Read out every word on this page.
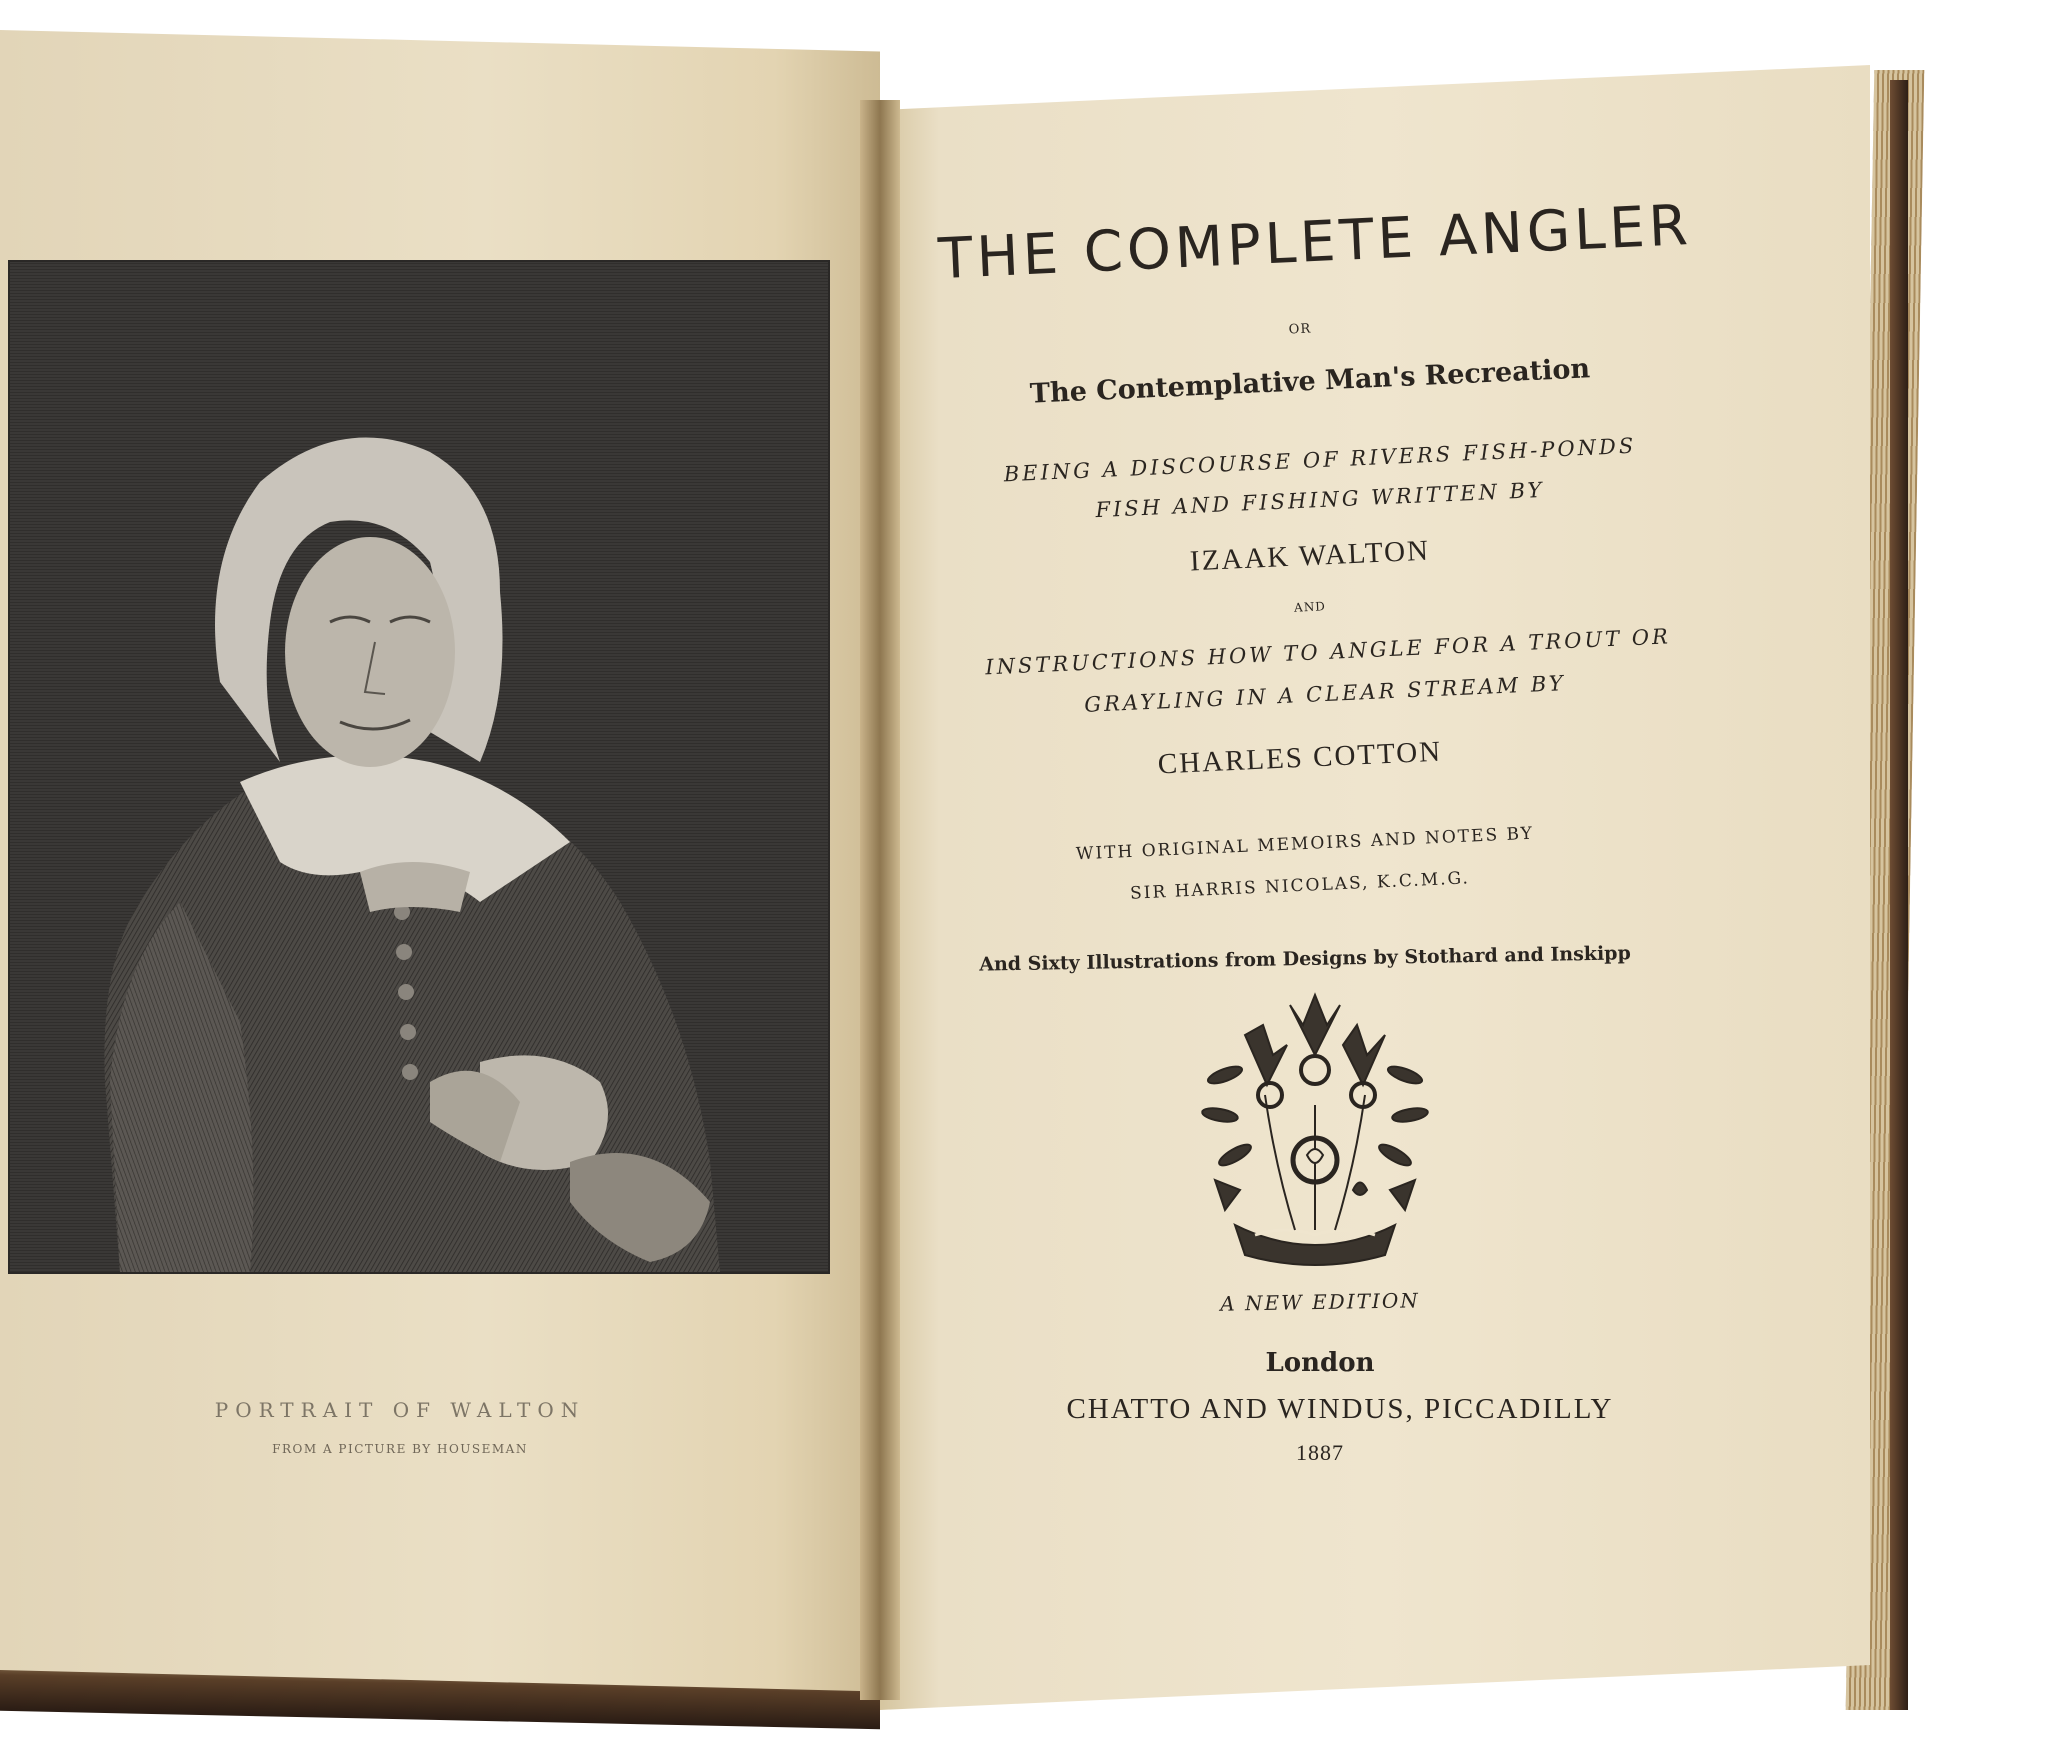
PORTRAIT OF WALTON
FROM A PICTURE BY HOUSEMAN
THE COMPLETE ANGLER
OR
The Contemplative Man's Recreation
BEING A DISCOURSE OF RIVERS FISH-PONDS
FISH AND FISHING WRITTEN BY
IZAAK WALTON
AND
INSTRUCTIONS HOW TO ANGLE FOR A TROUT OR
GRAYLING IN A CLEAR STREAM BY
CHARLES COTTON
WITH ORIGINAL MEMOIRS AND NOTES BY
SIR HARRIS NICOLAS, K.C.M.G.
And Sixty Illustrations from Designs by Stothard and Inskipp
A NEW EDITION
London
CHATTO AND WINDUS, PICCADILLY
1887
